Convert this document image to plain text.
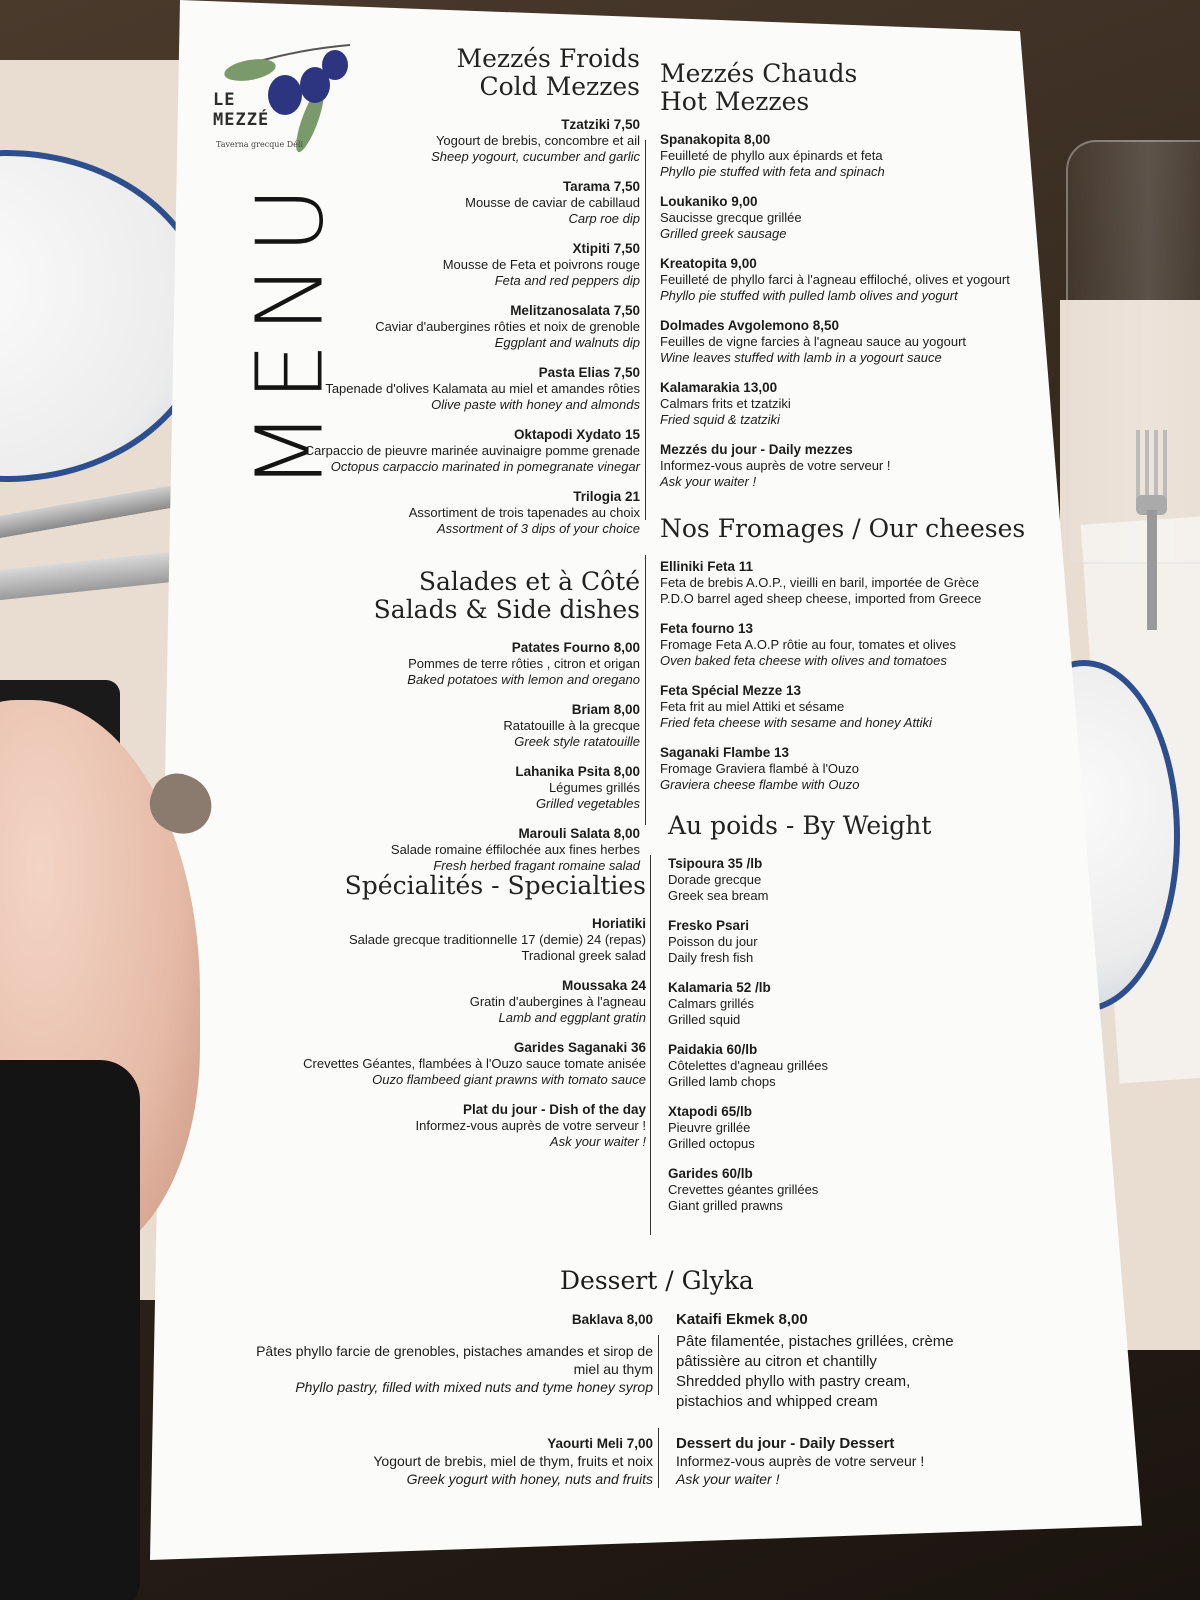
LE
MEZZÉ
Taverna grecque Déli
MENU
Mezzés Froids
Cold Mezzes
Tzatziki 7,50
Yogourt de brebis, concombre et ail
Sheep yogourt, cucumber and garlic
Tarama 7,50
Mousse de caviar de cabillaud
Carp roe dip
Xtipiti 7,50
Mousse de Feta et poivrons rouge
Feta and red peppers dip
Melitzanosalata 7,50
Caviar d'aubergines rôties et noix de grenoble
Eggplant and walnuts dip
Pasta Elias 7,50
Tapenade d'olives Kalamata au miel et amandes rôties
Olive paste with honey and almonds
Oktapodi Xydato 15
Carpaccio de pieuvre marinée auvinaigre pomme grenade
Octopus carpaccio marinated in pomegranate vinegar
Trilogia 21
Assortiment de trois tapenades au choix
Assortment of 3 dips of your choice
Mezzés Chauds
Hot Mezzes
Spanakopita 8,00
Feuilleté de phyllo aux épinards et feta
Phyllo pie stuffed with feta and spinach
Loukaniko 9,00
Saucisse grecque grillée
Grilled greek sausage
Kreatopita 9,00
Feuilleté de phyllo farci à l'agneau effiloché, olives et yogourt
Phyllo pie stuffed with pulled lamb olives and yogurt
Dolmades Avgolemono 8,50
Feuilles de vigne farcies à l'agneau sauce au yogourt
Wine leaves stuffed with lamb in a yogourt sauce
Kalamarakia 13,00
Calmars frits et tzatziki
Fried squid & tzatziki
Mezzés du jour - Daily mezzes
Informez-vous auprès de votre serveur !
Ask your waiter !
Nos Fromages / Our cheeses
Elliniki Feta 11
Feta de brebis A.O.P., vieilli en baril, importée de Grèce
P.D.O barrel aged sheep cheese, imported from Greece
Feta fourno 13
Fromage Feta A.O.P rôtie au four, tomates et olives
Oven baked feta cheese with olives and tomatoes
Feta Spécial Mezze 13
Feta frit au miel Attiki et sésame
Fried feta cheese with sesame and honey Attiki
Saganaki Flambe 13
Fromage Graviera flambé à l'Ouzo
Graviera cheese flambe with Ouzo
Salades et à Côté
Salads & Side dishes
Patates Fourno 8,00
Pommes de terre rôties , citron et origan
Baked potatoes with lemon and oregano
Briam 8,00
Ratatouille à la grecque
Greek style ratatouille
Lahanika Psita 8,00
Légumes grillés
Grilled vegetables
Marouli Salata 8,00
Salade romaine éffilochée aux fines herbes
Fresh herbed fragant romaine salad
Au poids - By Weight
Tsipoura 35 /lb
Dorade grecque
Greek sea bream
Fresko Psari
Poisson du jour
Daily fresh fish
Kalamaria 52 /lb
Calmars grillés
Grilled squid
Paidakia 60/lb
Côtelettes d'agneau grillées
Grilled lamb chops
Xtapodi 65/lb
Pieuvre grillée
Grilled octopus
Garides 60/lb
Crevettes géantes grillées
Giant grilled prawns
Spécialités - Specialties
Horiatiki
Salade grecque traditionnelle 17 (demie) 24 (repas)
Tradional greek salad
Moussaka 24
Gratin d'aubergines à l'agneau
Lamb and eggplant gratin
Garides Saganaki 36
Crevettes Géantes, flambées à l'Ouzo sauce tomate anisée
Ouzo flambeed giant prawns with tomato sauce
Plat du jour - Dish of the day
Informez-vous auprès de votre serveur !
Ask your waiter !
Dessert / Glyka
Baklava 8,00
Pâtes phyllo farcie de grenobles, pistaches amandes et sirop de miel au thym
Phyllo pastry, filled with mixed nuts and tyme honey syrop
Yaourti Meli 7,00
Yogourt de brebis, miel de thym, fruits et noix
Greek yogurt with honey, nuts and fruits
Kataifi Ekmek 8,00
Pâte filamentée, pistaches grillées, crème pâtissière au citron et chantilly
Shredded phyllo with pastry cream, pistachios and whipped cream
Dessert du jour - Daily Dessert
Informez-vous auprès de votre serveur !
Ask your waiter !
